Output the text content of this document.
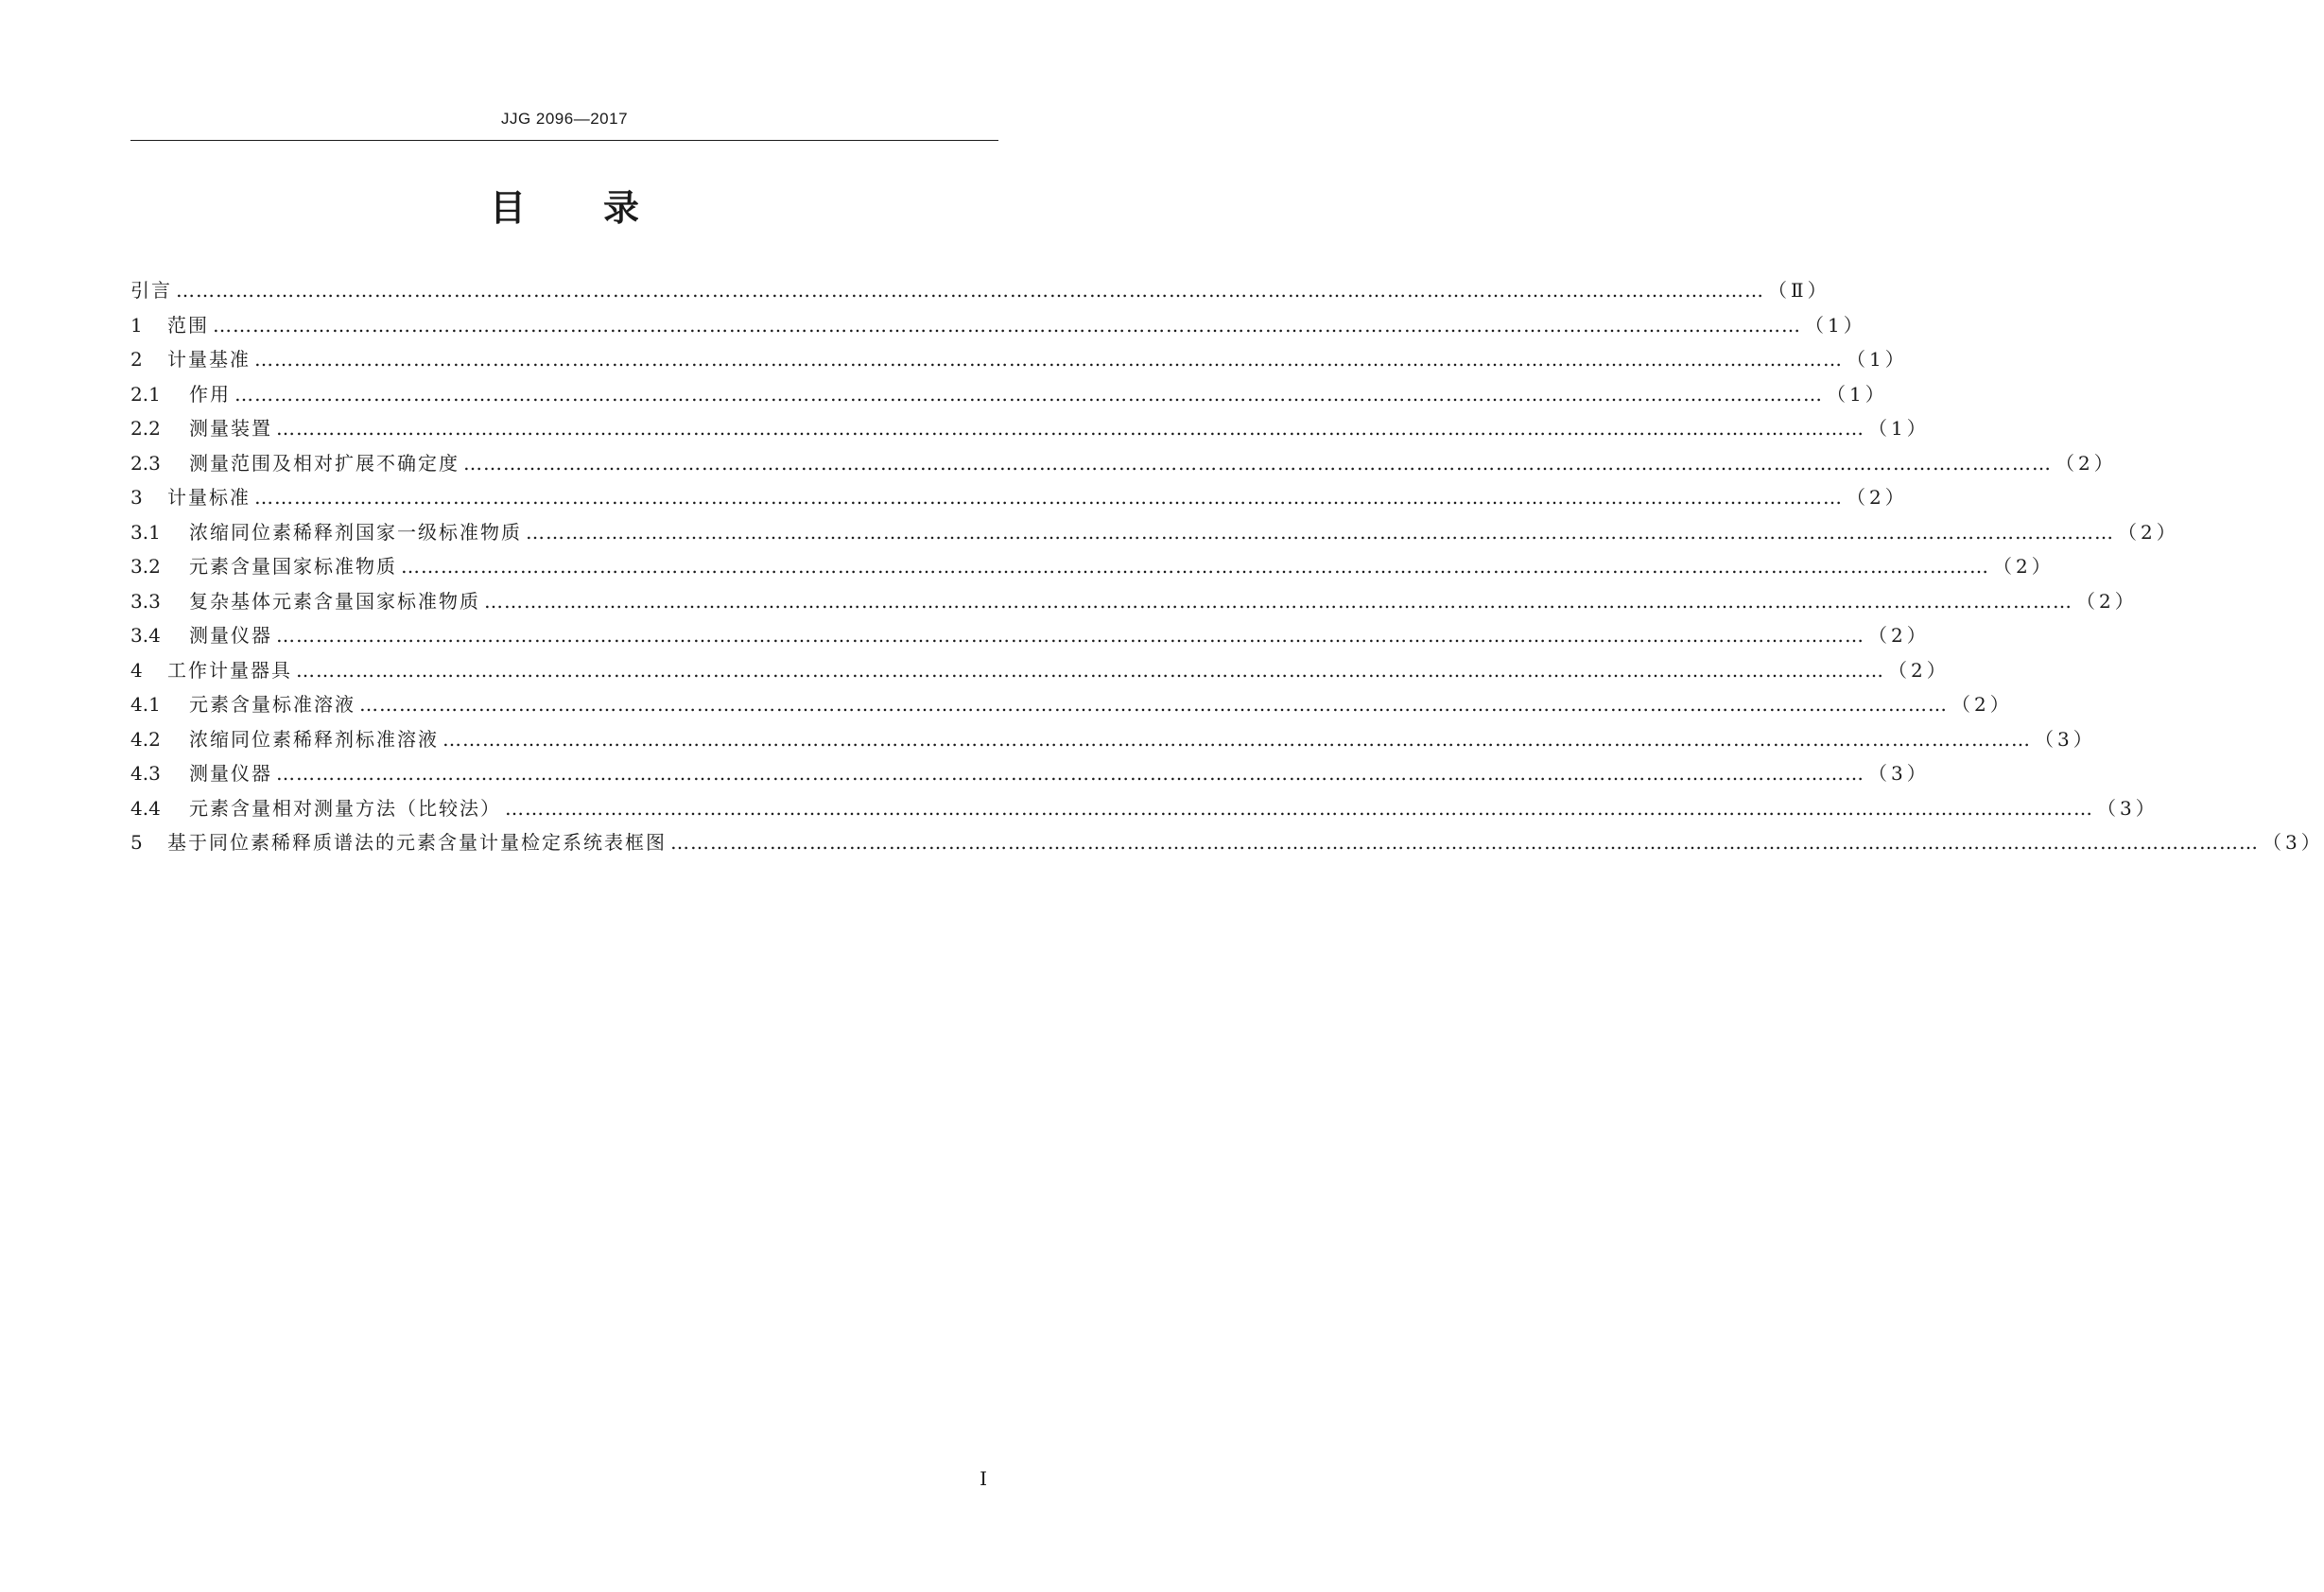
JJG 2096—2017
目 录
引言 …………………………………………………………………………………………………………………………………………………………………………………………………………………… （Ⅱ）
1	范围 …………………………………………………………………………………………………………………………………………………………………………………………………………………… （1）
2	计量基准 …………………………………………………………………………………………………………………………………………………………………………………………………………………… （1）
2.1	作用 …………………………………………………………………………………………………………………………………………………………………………………………………………………… （1）
2.2	测量装置 …………………………………………………………………………………………………………………………………………………………………………………………………………………… （1）
2.3	测量范围及相对扩展不确定度 …………………………………………………………………………………………………………………………………………………………………………………………………………………… （2）
3	计量标准 …………………………………………………………………………………………………………………………………………………………………………………………………………………… （2）
3.1	浓缩同位素稀释剂国家一级标准物质 …………………………………………………………………………………………………………………………………………………………………………………………………………………… （2）
3.2	元素含量国家标准物质 …………………………………………………………………………………………………………………………………………………………………………………………………………………… （2）
3.3	复杂基体元素含量国家标准物质 …………………………………………………………………………………………………………………………………………………………………………………………………………………… （2）
3.4	测量仪器 …………………………………………………………………………………………………………………………………………………………………………………………………………………… （2）
4	工作计量器具 …………………………………………………………………………………………………………………………………………………………………………………………………………………… （2）
4.1	元素含量标准溶液 …………………………………………………………………………………………………………………………………………………………………………………………………………………… （2）
4.2	浓缩同位素稀释剂标准溶液 …………………………………………………………………………………………………………………………………………………………………………………………………………………… （3）
4.3	测量仪器 …………………………………………………………………………………………………………………………………………………………………………………………………………………… （3）
4.4	元素含量相对测量方法（比较法） …………………………………………………………………………………………………………………………………………………………………………………………………………………… （3）
5	基于同位素稀释质谱法的元素含量计量检定系统表框图 …………………………………………………………………………………………………………………………………………………………………………………………………………………… （3）
Ⅰ
